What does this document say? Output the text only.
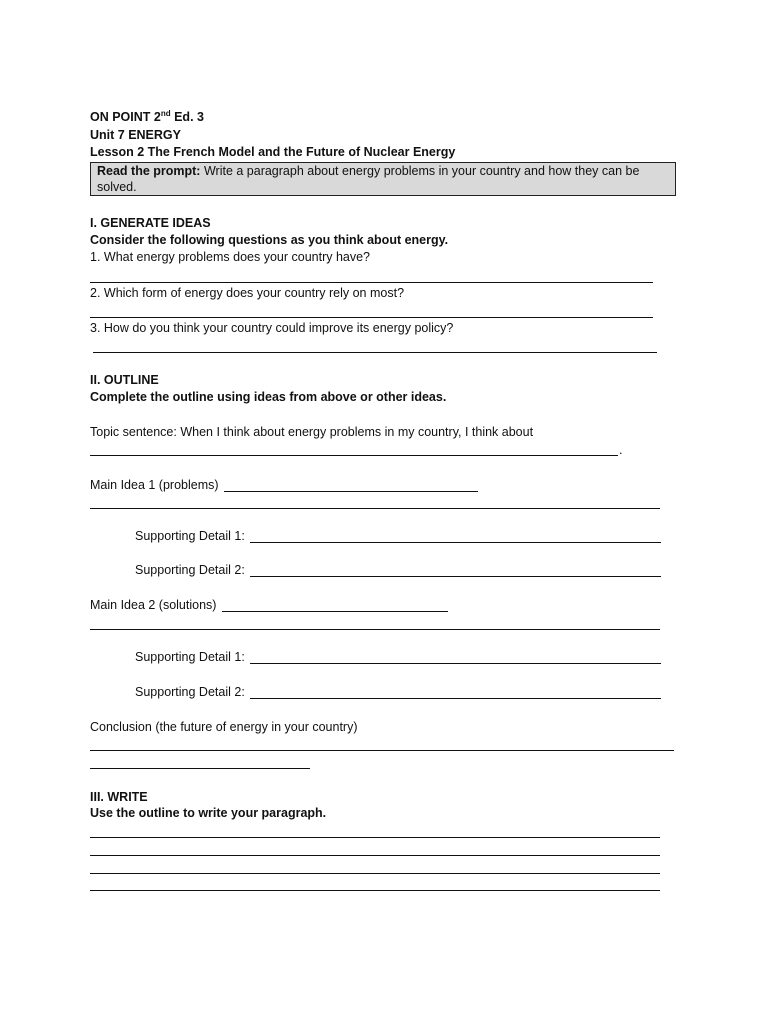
ON POINT 2nd Ed. 3
Unit 7 ENERGY
Lesson 2 The French Model and the Future of Nuclear Energy
Read the prompt: Write a paragraph about energy problems in your country and how they can be
solved.
I. GENERATE IDEAS
Consider the following questions as you think about energy.
1. What energy problems does your country have?
2. Which form of energy does your country rely on most?
3. How do you think your country could improve its energy policy?
II. OUTLINE
Complete the outline using ideas from above or other ideas.
Topic sentence: When I think about energy problems in my country, I think about
.
Main Idea 1 (problems)
Supporting Detail 1:
Supporting Detail 2:
Main Idea 2 (solutions)
Supporting Detail 1:
Supporting Detail 2:
Conclusion (the future of energy in your country)
III. WRITE
Use the outline to write your paragraph.
